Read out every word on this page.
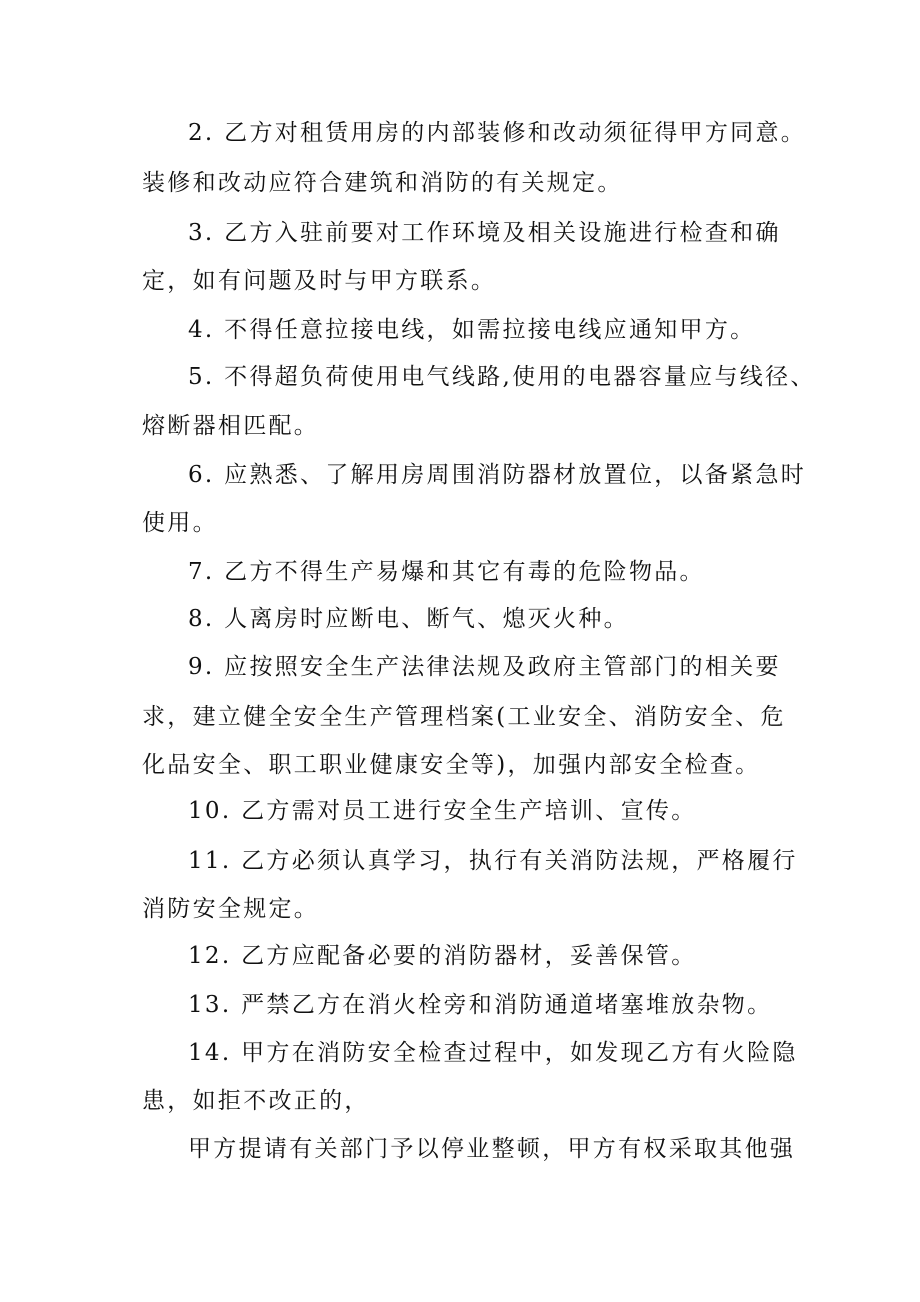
2. 乙方对租赁用房的内部装修和改动须征得甲方同意。
装修和改动应符合建筑和消防的有关规定。
3. 乙方入驻前要对工作环境及相关设施进行检查和确
定，如有问题及时与甲方联系。
4. 不得任意拉接电线，如需拉接电线应通知甲方。
5. 不得超负荷使用电气线路,使用的电器容量应与线径、
熔断器相匹配。
6. 应熟悉、了解用房周围消防器材放置位，以备紧急时
使用。
7. 乙方不得生产易爆和其它有毒的危险物品。
8. 人离房时应断电、断气、熄灭火种。
9. 应按照安全生产法律法规及政府主管部门的相关要
求，建立健全安全生产管理档案(工业安全、消防安全、危
化品安全、职工职业健康安全等)，加强内部安全检查。
10. 乙方需对员工进行安全生产培训、宣传。
11. 乙方必须认真学习，执行有关消防法规，严格履行
消防安全规定。
12. 乙方应配备必要的消防器材，妥善保管。
13. 严禁乙方在消火栓旁和消防通道堵塞堆放杂物。
14. 甲方在消防安全检查过程中，如发现乙方有火险隐
患，如拒不改正的，
甲方提请有关部门予以停业整顿，甲方有权采取其他强
